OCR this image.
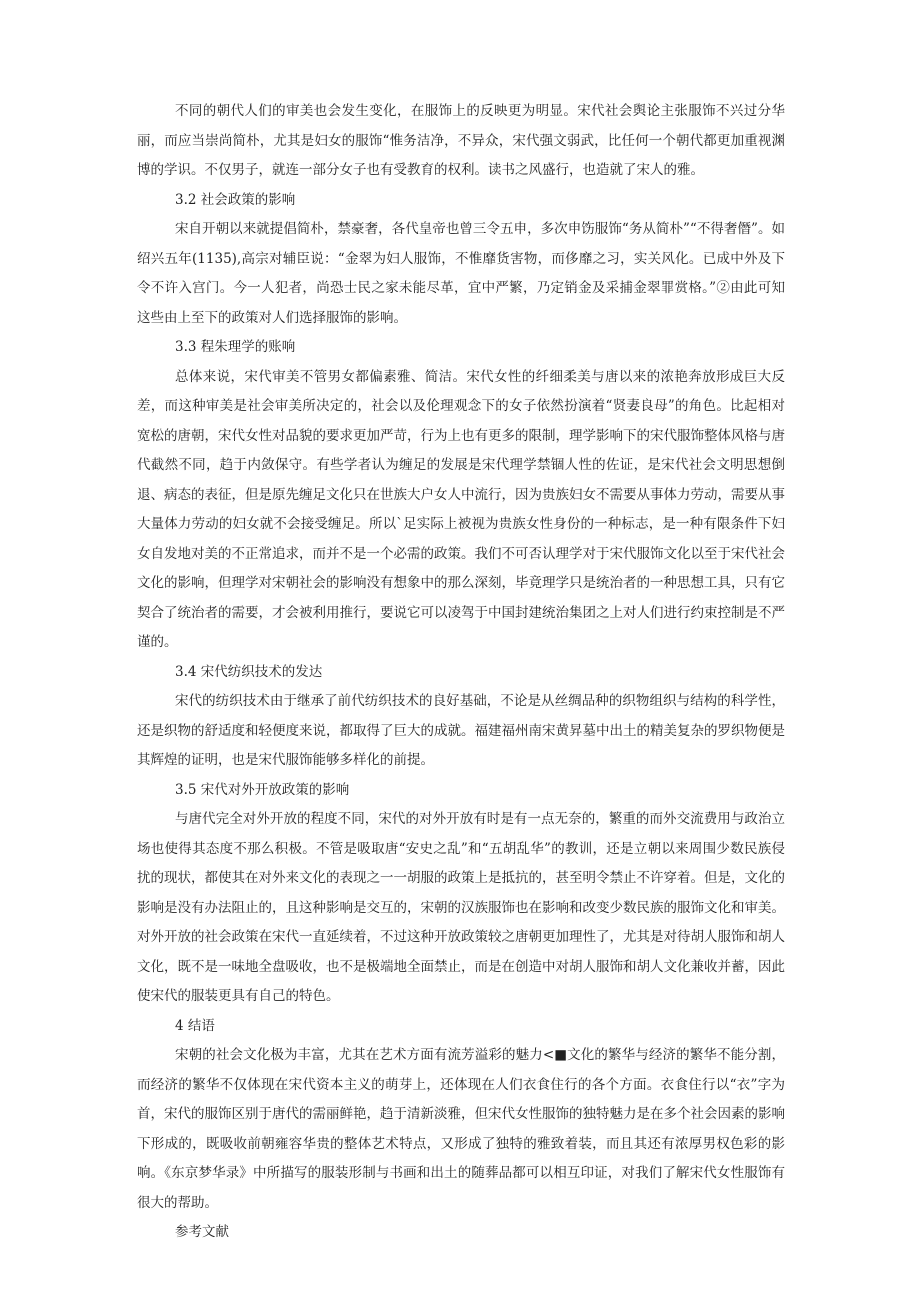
不同的朝代人们的审美也会发生变化，在服饰上的反映更为明显。宋代社会舆论主张服饰不兴过分华丽，而应当崇尚简朴，尤其是妇女的服饰“惟务洁净，不异众，宋代强文弱武，比任何一个朝代都更加重视渊博的学识。不仅男子，就连一部分女子也有受教育的权利。读书之风盛行，也造就了宋人的雅。

3.2 社会政策的影响

宋自开朝以来就提倡简朴，禁豪奢，各代皇帝也曾三令五申，多次申饬服饰“务从简朴”“不得奢僭”。如绍兴五年(1135),高宗对辅臣说：“金翠为妇人服饰，不惟靡货害物，而侈靡之习，实关风化。已成中外及下令不许入宫门。今一人犯者，尚恐士民之家未能尽革，宜中严繁，乃定销金及采捕金翠罪赏格。”②由此可知这些由上至下的政策对人们选择服饰的影响。

3.3 程朱理学的账响

总体来说，宋代审美不管男女都偏素雅、简洁。宋代女性的纤细柔美与唐以来的浓艳奔放形成巨大反差，而这种审美是社会审美所决定的，社会以及伦理观念下的女子依然扮演着“贤妻良母”的角色。比起相对宽松的唐朝，宋代女性对品貌的要求更加严苛，行为上也有更多的限制，理学影响下的宋代服饰整体风格与唐代截然不同，趋于内敛保守。有些学者认为缠足的发展是宋代理学禁锢人性的佐证，是宋代社会文明思想倒退、病态的表征，但是原先缠足文化只在世族大户女人中流行，因为贵族妇女不需要从事体力劳动，需要从事大量体力劳动的妇女就不会接受缠足。所以`足实际上被视为贵族女性身份的一种标志，是一种有限条件下妇女自发地对美的不正常追求，而并不是一个必需的政策。我们不可否认理学对于宋代服饰文化以至于宋代社会文化的影响，但理学对宋朝社会的影响没有想象中的那么深刻，毕竟理学只是统治者的一种思想工具，只有它契合了统治者的需要，才会被利用推行，要说它可以凌驾于中国封建统治集团之上对人们进行约束控制是不严谨的。

3.4 宋代纺织技术的发达

宋代的纺织技术由于继承了前代纺织技术的良好基础，不论是从丝绸品种的织物组织与结构的科学性，还是织物的舒适度和轻便度来说，都取得了巨大的成就。福建福州南宋黄昇墓中出土的精美复杂的罗织物便是其辉煌的证明，也是宋代服饰能够多样化的前提。

3.5 宋代对外开放政策的影响

与唐代完全对外开放的程度不同，宋代的对外开放有时是有一点无奈的，繁重的而外交流费用与政治立场也使得其态度不那么积极。不管是吸取唐“安史之乱”和“五胡乱华”的教训，还是立朝以来周围少数民族侵扰的现状，都使其在对外来文化的表现之一一胡服的政策上是抵抗的，甚至明令禁止不许穿着。但是，文化的影响是没有办法阻止的，且这种影响是交互的，宋朝的汉族服饰也在影响和改变少数民族的服饰文化和审美。对外开放的社会政策在宋代一直延续着，不过这种开放政策较之唐朝更加理性了，尤其是对待胡人服饰和胡人文化，既不是一味地全盘吸收，也不是极端地全面禁止，而是在创造中对胡人服饰和胡人文化兼收并蓄，因此使宋代的服装更具有自己的特色。

4 结语

宋朝的社会文化极为丰富，尤其在艺术方面有流芳溢彩的魅力<■文化的繁华与经济的繁华不能分割，而经济的繁华不仅体现在宋代资本主义的萌芽上，还体现在人们衣食住行的各个方面。衣食住行以“衣”字为首，宋代的服饰区别于唐代的需丽鲜艳，趋于清新淡雅，但宋代女性服饰的独特魅力是在多个社会因素的影响下形成的，既吸收前朝雍容华贵的整体艺术特点，又形成了独特的雅致着装，而且其还有浓厚男权色彩的影响。《东京梦华录》中所描写的服装形制与书画和出土的随葬品都可以相互印证，对我们了解宋代女性服饰有很大的帮助。

参考文献
